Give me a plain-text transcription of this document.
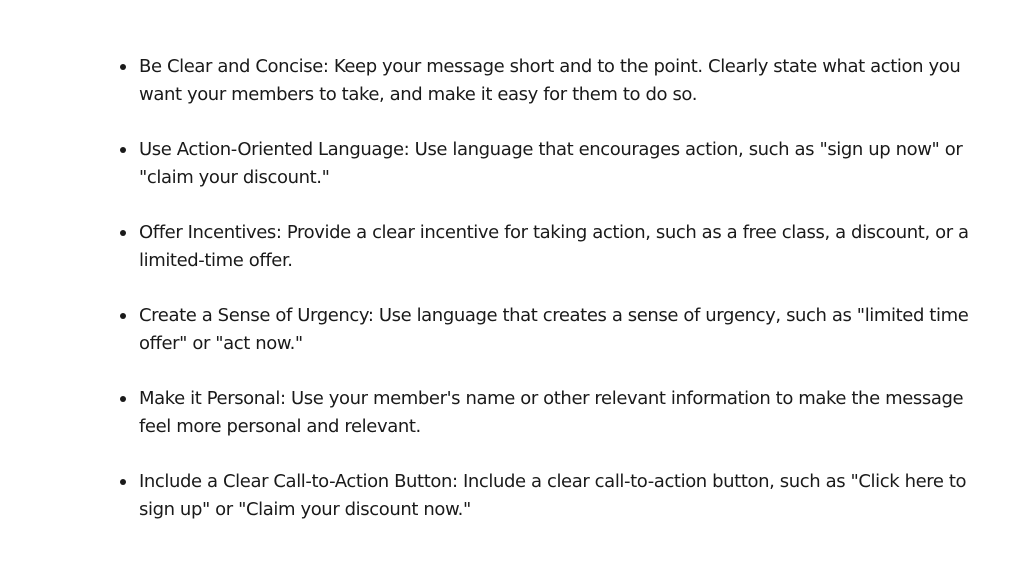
Be Clear and Concise: Keep your message short and to the point. Clearly state what action you want your members to take, and make it easy for them to do so.
Use Action-Oriented Language: Use language that encourages action, such as "sign up now" or "claim your discount."
Offer Incentives: Provide a clear incentive for taking action, such as a free class, a discount, or a limited-time offer.
Create a Sense of Urgency: Use language that creates a sense of urgency, such as "limited time offer" or "act now."
Make it Personal: Use your member's name or other relevant information to make the message feel more personal and relevant.
Include a Clear Call-to-Action Button: Include a clear call-to-action button, such as "Click here to sign up" or "Claim your discount now."
